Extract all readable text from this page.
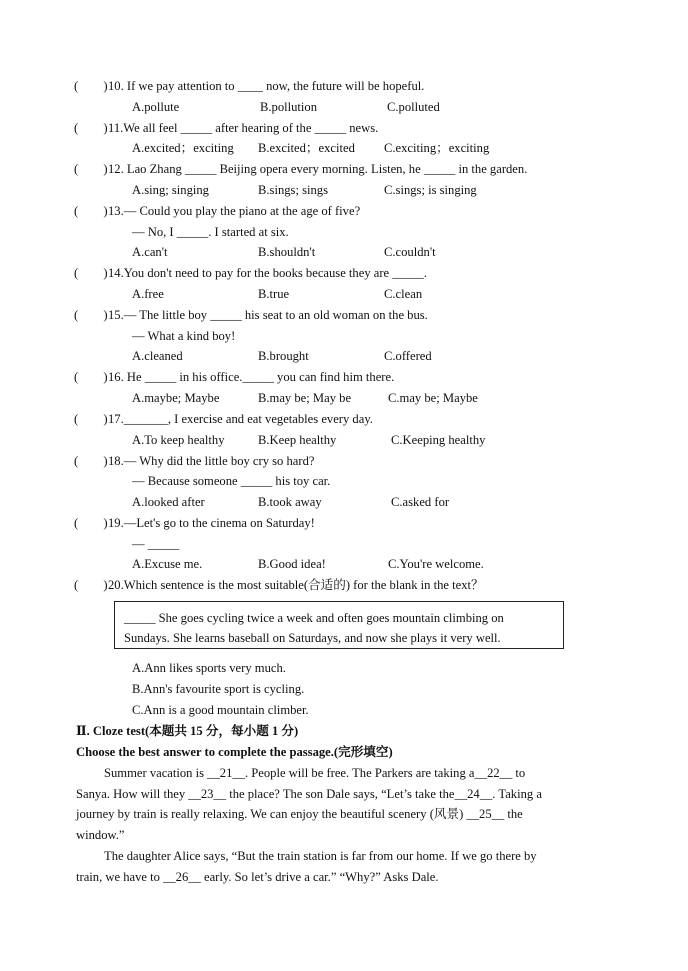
(　　)10. If we pay attention to ____ now, the future will be hopeful.
A.pollute	B.pollution	C.polluted
(　　)11.We all feel _____ after hearing of the _____ news.
A.excited；exciting B.excited；excited C.exciting；exciting
(　　)12. Lao Zhang _____ Beijing opera every morning. Listen, he _____ in the garden.
A.sing; singing	B.sings; sings	C.sings; is singing
(　　)13.— Could you play the piano at the age of five?
— No, I _____. I started at six.
A.can't	B.shouldn't	C.couldn't
(　　)14.You don't need to pay for the books because they are _____.
A.free	B.true	C.clean
(　　)15.— The little boy _____ his seat to an old woman on the bus.
— What a kind boy!
A.cleaned	B.brought	C.offered
(　　)16. He _____ in his office._____ you can find him there.
A.maybe; Maybe	B.may be; May be	C.may be; Maybe
(　　)17._______, I exercise and eat vegetables every day.
A.To keep healthy	B.Keep healthy	C.Keeping healthy
(　　)18.— Why did the little boy cry so hard?
— Because someone _____ his toy car.
A.looked after	B.took away	C.asked for
(　　)19.—Let's go to the cinema on Saturday!
— _____
A.Excuse me.	B.Good idea!	C.You're welcome.
(　　)20.Which sentence is the most suitable(合适的) for the blank in the text？
_____ She goes cycling twice a week and often goes mountain climbing on
Sundays. She learns baseball on Saturdays, and now she plays it very well.
A.Ann likes sports very much.
B.Ann's favourite sport is cycling.
C.Ann is a good mountain climber.
Ⅱ. Cloze test(本题共 15 分，每小题 1 分)
Choose the best answer to complete the passage.(完形填空)
Summer vacation is __21__. People will be free. The Parkers are taking a__22__ to
Sanya. How will they __23__ the place? The son Dale says, “Let’s take the__24__. Taking a
journey by train is really relaxing. We can enjoy the beautiful scenery (风景) __25__ the
window.”
The daughter Alice says, “But the train station is far from our home. If we go there by
train, we have to __26__ early. So let’s drive a car.” “Why?” Asks Dale.
